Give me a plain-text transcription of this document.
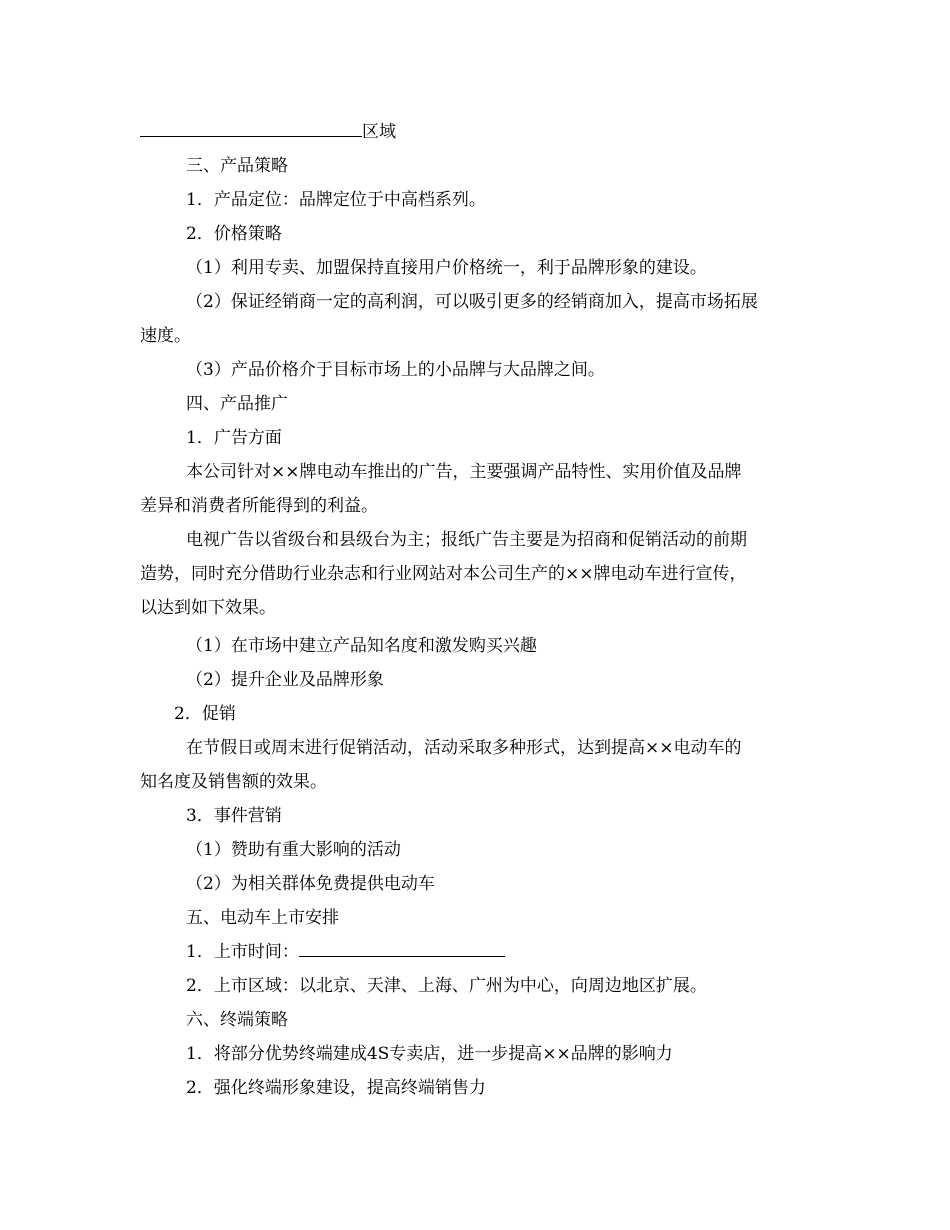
区域
三、产品策略
1．产品定位：品牌定位于中高档系列。
2．价格策略
（1）利用专卖、加盟保持直接用户价格统一，利于品牌形象的建设。
（2）保证经销商一定的高利润，可以吸引更多的经销商加入，提高市场拓展
速度。
（3）产品价格介于目标市场上的小品牌与大品牌之间。
四、产品推广
1．广告方面
本公司针对××牌电动车推出的广告，主要强调产品特性、实用价值及品牌
差异和消费者所能得到的利益。
电视广告以省级台和县级台为主；报纸广告主要是为招商和促销活动的前期
造势，同时充分借助行业杂志和行业网站对本公司生产的××牌电动车进行宣传，
以达到如下效果。
（1）在市场中建立产品知名度和激发购买兴趣
（2）提升企业及品牌形象
2．促销
在节假日或周末进行促销活动，活动采取多种形式，达到提高××电动车的
知名度及销售额的效果。
3．事件营销
（1）赞助有重大影响的活动
（2）为相关群体免费提供电动车
五、电动车上市安排
1．上市时间：
2．上市区域：以北京、天津、上海、广州为中心，向周边地区扩展。
六、终端策略
1．将部分优势终端建成4S专卖店，进一步提高××品牌的影响力
2．强化终端形象建设，提高终端销售力
